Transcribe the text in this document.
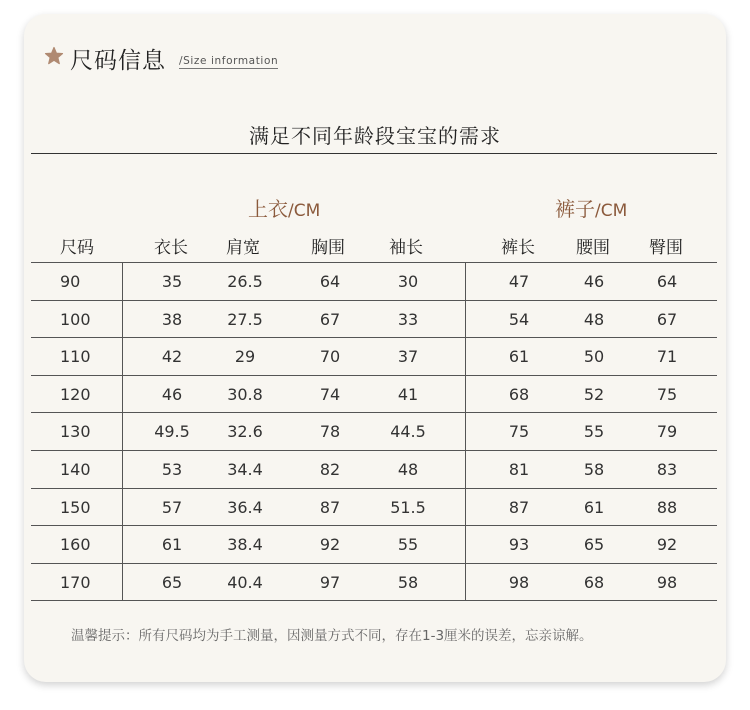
尺码信息 /Size information
满足不同年龄段宝宝的需求
上衣/CM	裤子/CM
尺码	衣长 肩宽	胸围	袖长	裤长 腰围 臀围
90	35	26.5	64	30	47	46	64
100	38	27.5	67	33	54	48	67
110	42	29	70	37	61	50	71
120	46	30.8	74	41	68	52	75
130	49.5 32.6	78	44.5	75	55	79
140	53	34.4	82	48	81	58	83
150	57	36.4	87	51.5	87	61	88
160	61	38.4	92	55	93	65	92
170	65	40.4	97	58	98	68	98
温馨提示：所有尺码均为手工测量，因测量方式不同，存在1-3厘米的误差，忘亲谅解。
